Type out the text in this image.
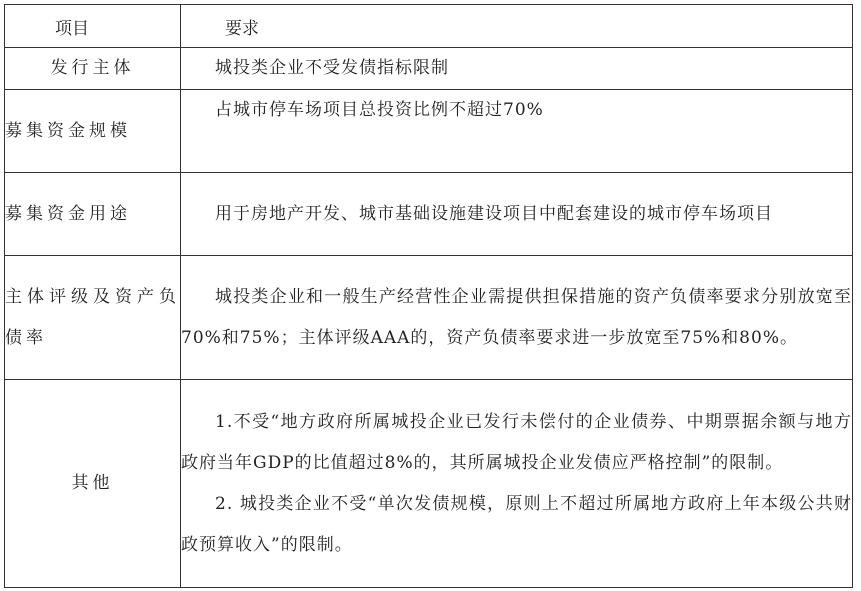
项目	要求
发行主体	城投类企业不受发债指标限制

募集资金规模	占城市停车场项目总投资比例不超过70%

募集资金用途	用于房地产开发、城市基础设施建设项目中配套建设的城市停车场项目

主体评级及资产负债率	城投类企业和一般生产经营性企业需提供担保措施的资产负债率要求分别放宽至70%和75%；主体评级AAA的，资产负债率要求进一步放宽至75%和80%。

其他	1.不受“地方政府所属城投企业已发行未偿付的企业债券、中期票据余额与地方政府当年GDP的比值超过8%的，其所属城投企业发债应严格控制”的限制。

2. 城投类企业不受“单次发债规模，原则上不超过所属地方政府上年本级公共财政预算收入”的限制。
